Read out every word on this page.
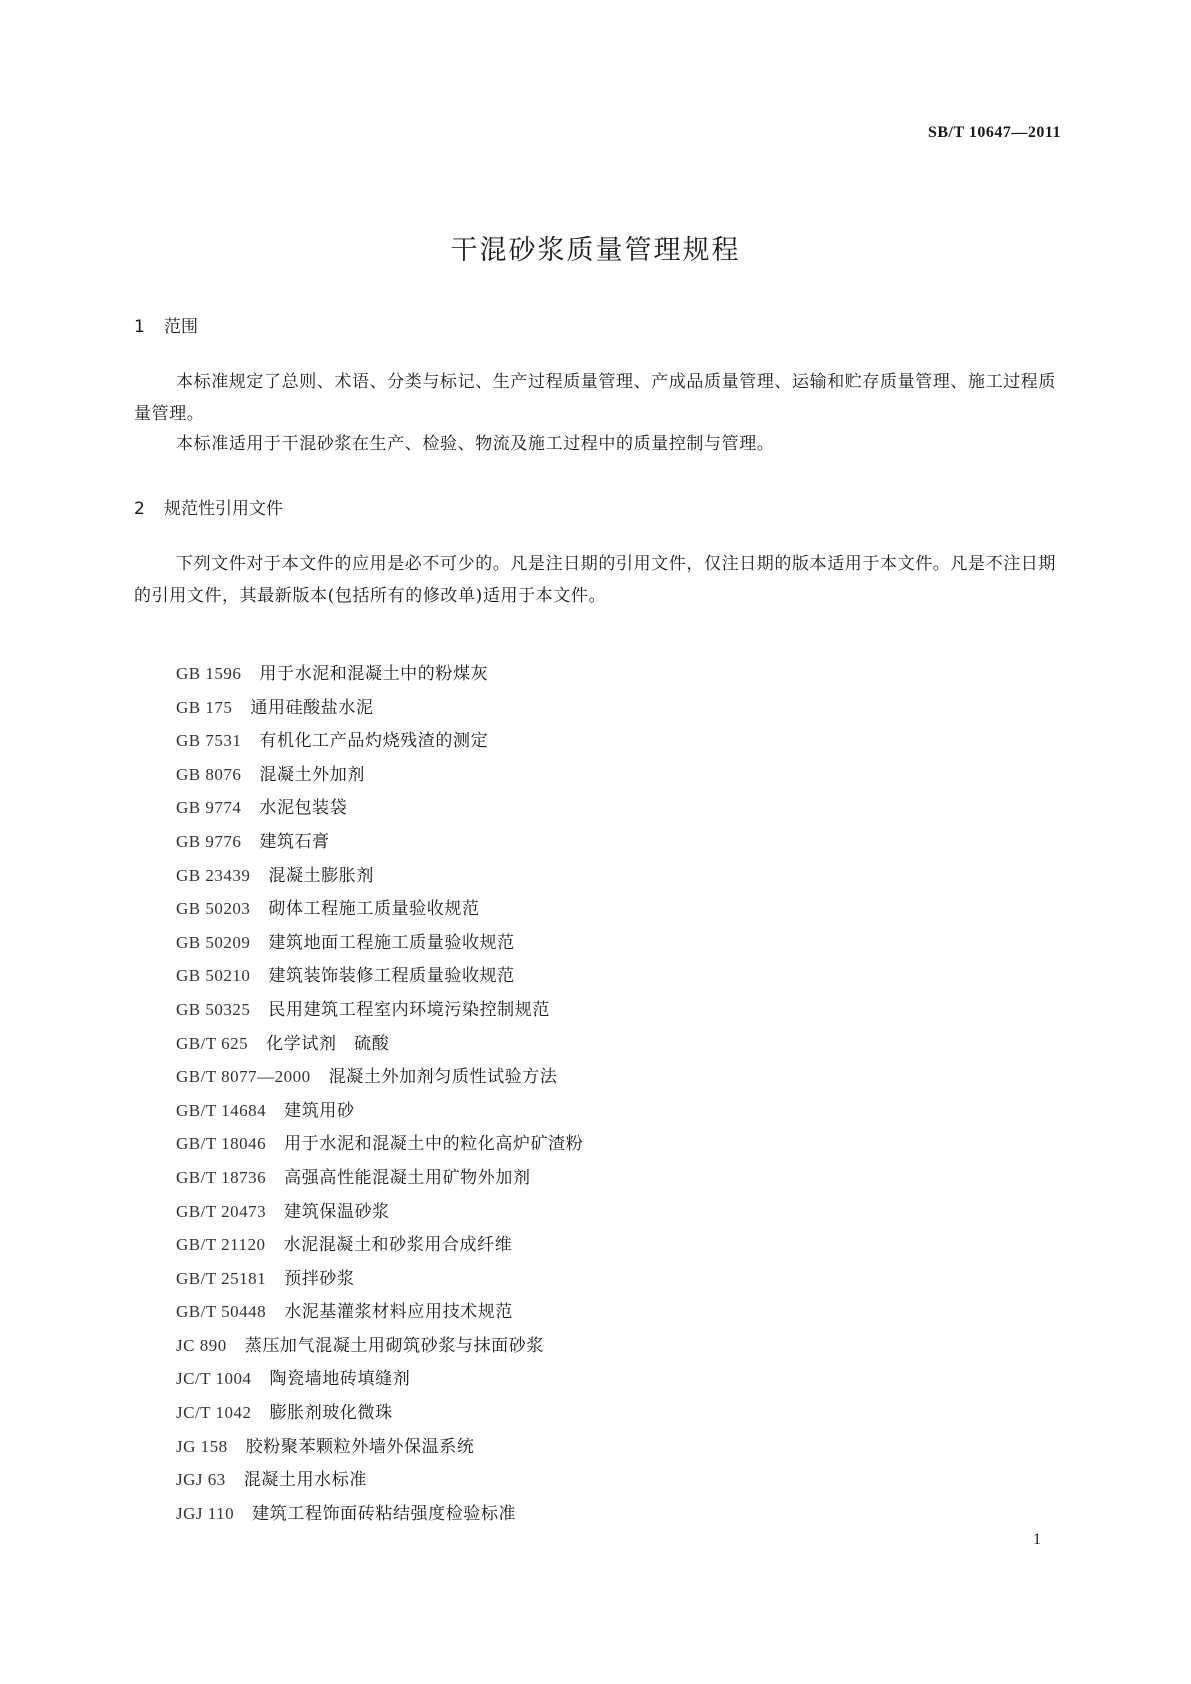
SB/T 10647—2011
干混砂浆质量管理规程
1 范围

本标准规定了总则、术语、分类与标记、生产过程质量管理、产成品质量管理、运输和贮存质量管理、施工过程质量管理。

本标准适用于干混砂浆在生产、检验、物流及施工过程中的质量控制与管理。

2 规范性引用文件

下列文件对于本文件的应用是必不可少的。凡是注日期的引用文件，仅注日期的版本适用于本文件。凡是不注日期的引用文件，其最新版本(包括所有的修改单)适用于本文件。

GB 1596 用于水泥和混凝土中的粉煤灰
GB 175 通用硅酸盐水泥
GB 7531 有机化工产品灼烧残渣的测定
GB 8076 混凝土外加剂
GB 9774 水泥包装袋
GB 9776 建筑石膏
GB 23439 混凝土膨胀剂
GB 50203 砌体工程施工质量验收规范
GB 50209 建筑地面工程施工质量验收规范
GB 50210 建筑装饰装修工程质量验收规范
GB 50325 民用建筑工程室内环境污染控制规范
GB/T 625 化学试剂　硫酸
GB/T 8077—2000 混凝土外加剂匀质性试验方法
GB/T 14684 建筑用砂
GB/T 18046 用于水泥和混凝土中的粒化高炉矿渣粉
GB/T 18736 高强高性能混凝土用矿物外加剂
GB/T 20473 建筑保温砂浆
GB/T 21120 水泥混凝土和砂浆用合成纤维
GB/T 25181 预拌砂浆
GB/T 50448 水泥基灌浆材料应用技术规范
JC 890 蒸压加气混凝土用砌筑砂浆与抹面砂浆
JC/T 1004 陶瓷墙地砖填缝剂
JC/T 1042 膨胀剂玻化微珠
JG 158 胶粉聚苯颗粒外墙外保温系统
JGJ 63 混凝土用水标准
JGJ 110 建筑工程饰面砖粘结强度检验标准
1
